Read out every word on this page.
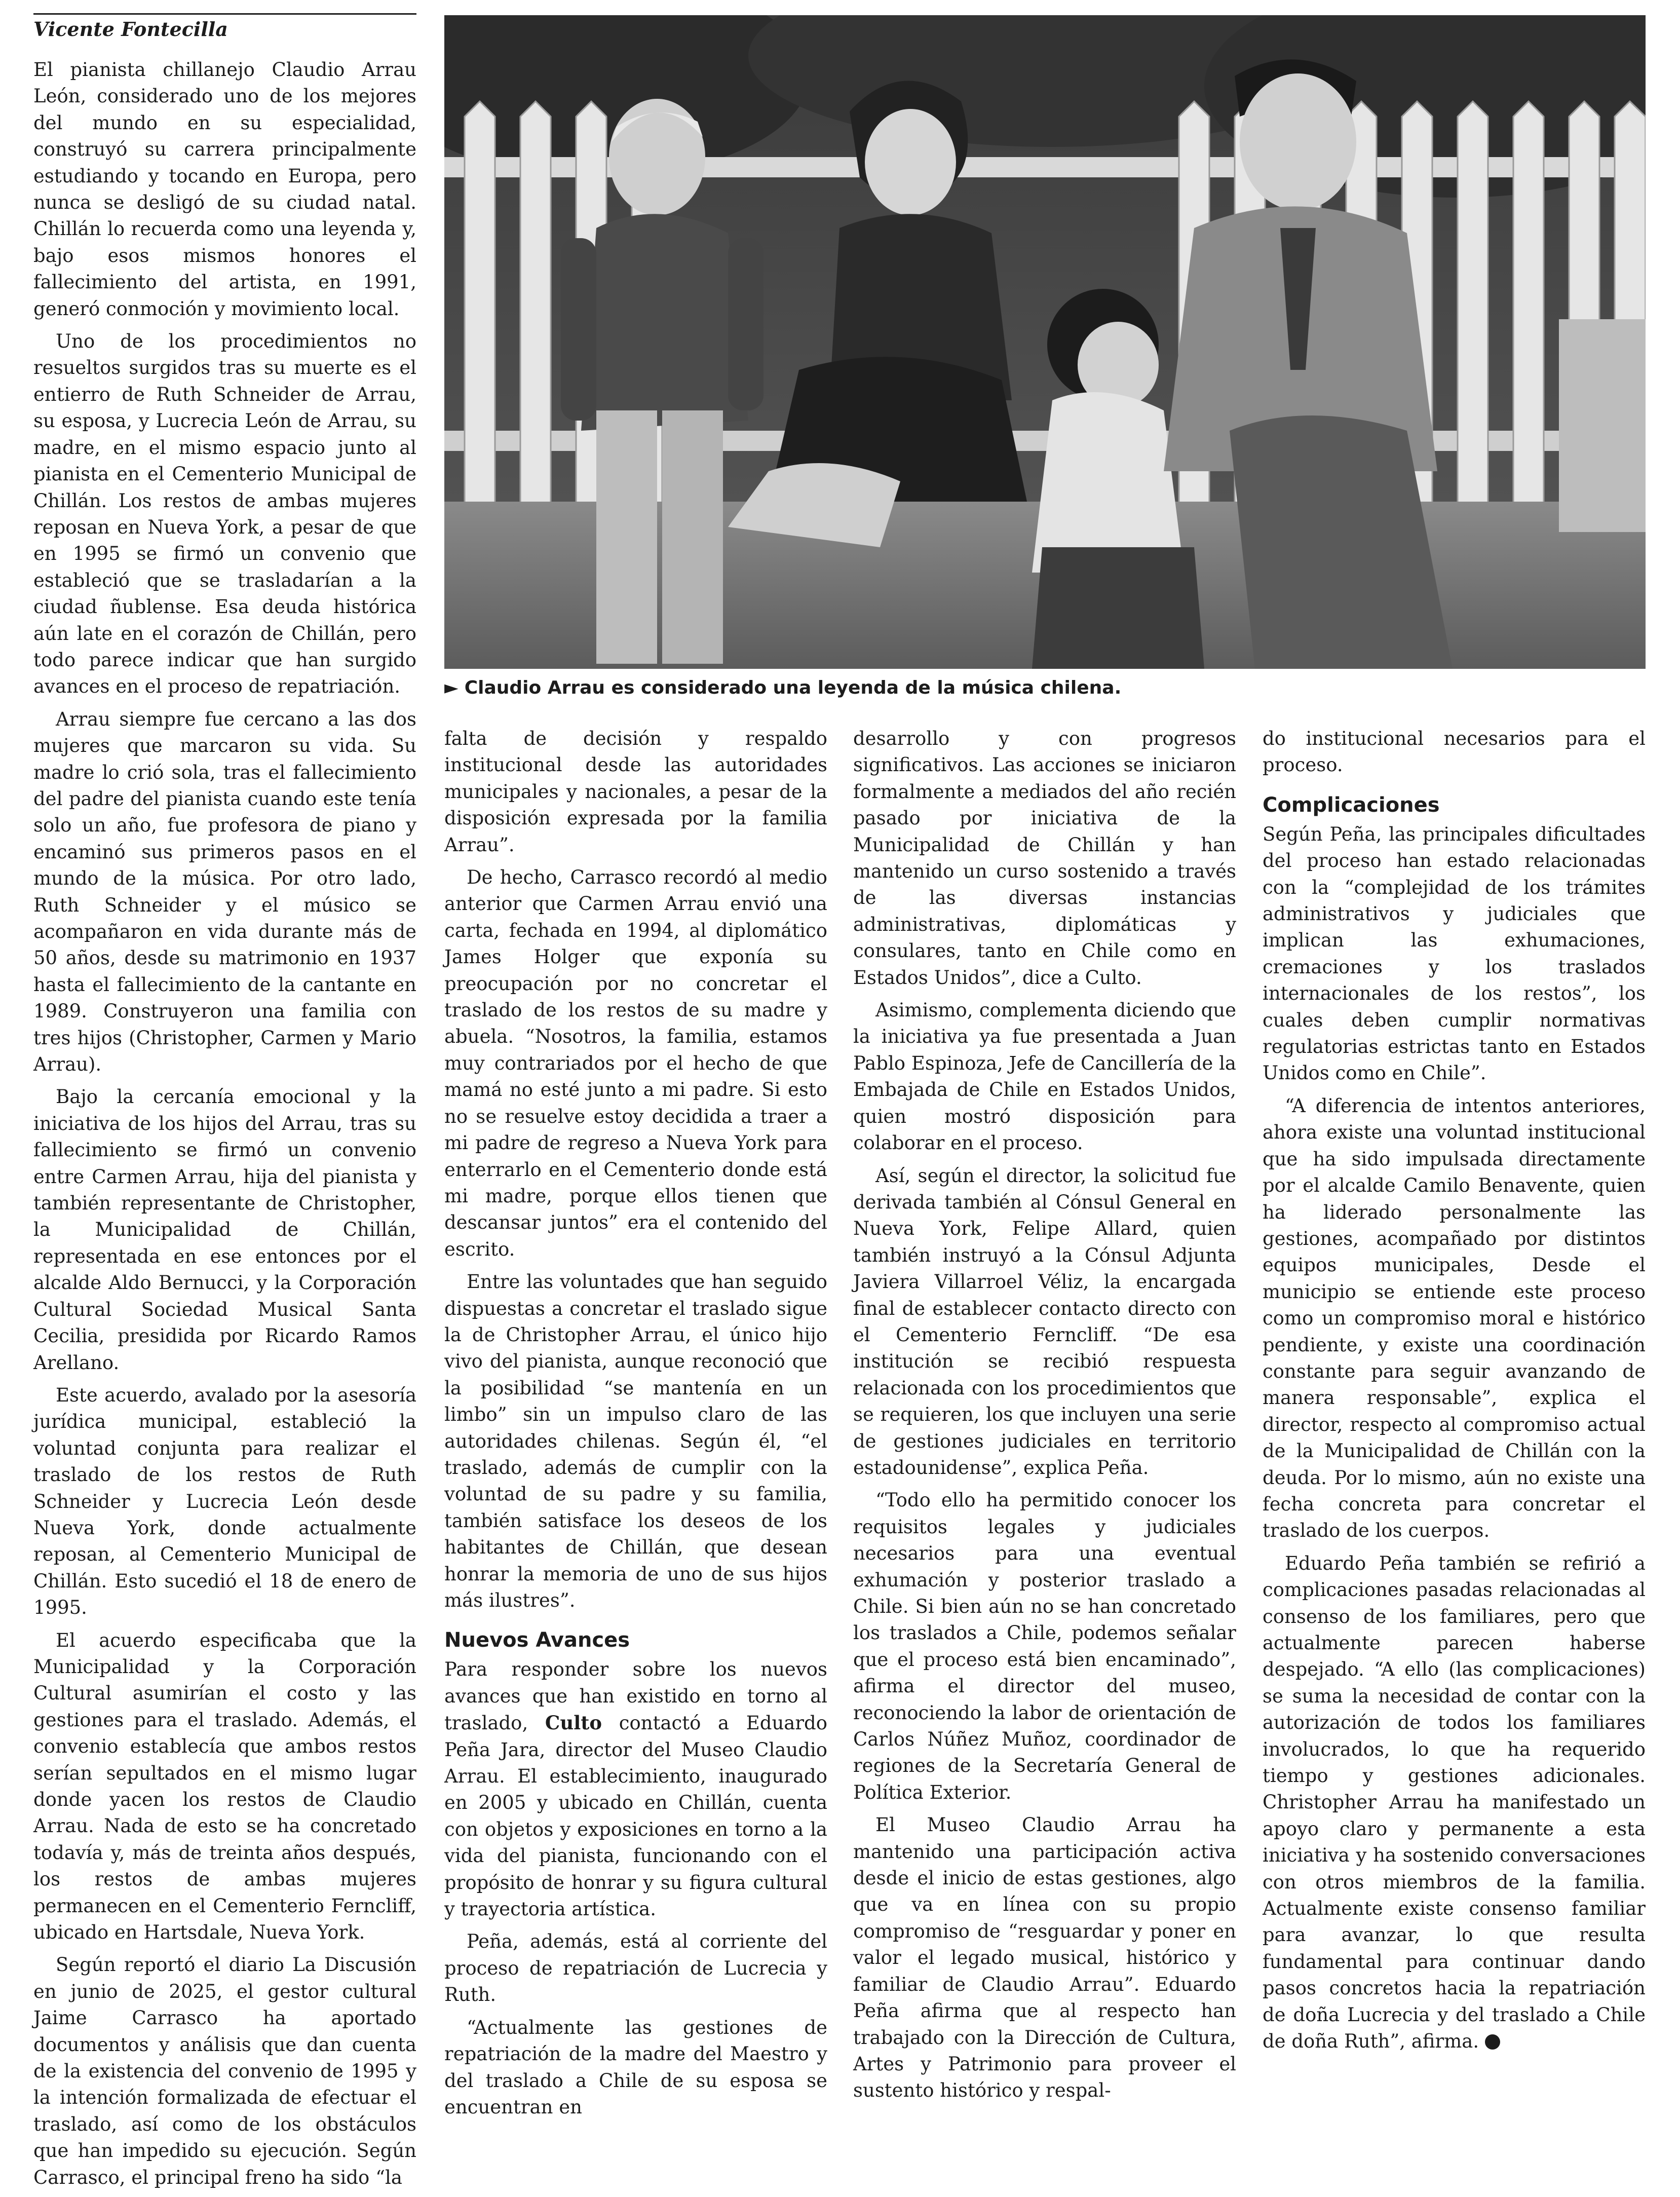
Vicente Fontecilla

El pianista chillanejo Claudio Arrau León, considerado uno de los mejores del mundo en su especialidad, construyó su carrera principalmente estudiando y tocando en Europa, pero nunca se desligó de su ciudad natal. Chillán lo recuerda como una leyenda y, bajo esos mismos honores el fallecimiento del artista, en 1991, generó conmoción y movimiento local.

Uno de los procedimientos no resueltos surgidos tras su muerte es el entierro de Ruth Schneider de Arrau, su esposa, y Lucrecia León de Arrau, su madre, en el mismo espacio junto al pianista en el Cementerio Municipal de Chillán. Los restos de ambas mujeres reposan en Nueva York, a pesar de que en 1995 se firmó un convenio que estableció que se trasladarían a la ciudad ñublense. Esa deuda histórica aún late en el corazón de Chillán, pero todo parece indicar que han surgido avances en el proceso de repatriación.

Arrau siempre fue cercano a las dos mujeres que marcaron su vida. Su madre lo crió sola, tras el fallecimiento del padre del pianista cuando este tenía solo un año, fue profesora de piano y encaminó sus primeros pasos en el mundo de la música. Por otro lado, Ruth Schneider y el músico se acompañaron en vida durante más de 50 años, desde su matrimonio en 1937 hasta el fallecimiento de la cantante en 1989. Construyeron una familia con tres hijos (Christopher, Carmen y Mario Arrau).

Bajo la cercanía emocional y la iniciativa de los hijos del Arrau, tras su fallecimiento se firmó un convenio entre Carmen Arrau, hija del pianista y también representante de Christopher, la Municipalidad de Chillán, representada en ese entonces por el alcalde Aldo Bernucci, y la Corporación Cultural Sociedad Musical Santa Cecilia, presidida por Ricardo Ramos Arellano.

Este acuerdo, avalado por la asesoría jurídica municipal, estableció la voluntad conjunta para realizar el traslado de los restos de Ruth Schneider y Lucrecia León desde Nueva York, donde actualmente reposan, al Cementerio Municipal de Chillán. Esto sucedió el 18 de enero de 1995.

El acuerdo especificaba que la Municipalidad y la Corporación Cultural asumirían el costo y las gestiones para el traslado. Además, el convenio establecía que ambos restos serían sepultados en el mismo lugar donde yacen los restos de Claudio Arrau. Nada de esto se ha concretado todavía y, más de treinta años después, los restos de ambas mujeres permanecen en el Cementerio Ferncliff, ubicado en Hartsdale, Nueva York.

Según reportó el diario La Discusión en junio de 2025, el gestor cultural Jaime Carrasco ha aportado documentos y análisis que dan cuenta de la existencia del convenio de 1995 y la intención formalizada de efectuar el traslado, así como de los obstáculos que han impedido su ejecución. Según Carrasco, el principal freno ha sido “la

► Claudio Arrau es considerado una leyenda de la música chilena.

falta de decisión y respaldo institucional desde las autoridades municipales y nacionales, a pesar de la disposición expresada por la familia Arrau”.

De hecho, Carrasco recordó al medio anterior que Carmen Arrau envió una carta, fechada en 1994, al diplomático James Holger que exponía su preocupación por no concretar el traslado de los restos de su madre y abuela. “Nosotros, la familia, estamos muy contrariados por el hecho de que mamá no esté junto a mi padre. Si esto no se resuelve estoy decidida a traer a mi padre de regreso a Nueva York para enterrarlo en el Cementerio donde está mi madre, porque ellos tienen que descansar juntos” era el contenido del escrito.

Entre las voluntades que han seguido dispuestas a concretar el traslado sigue la de Christopher Arrau, el único hijo vivo del pianista, aunque reconoció que la posibilidad “se mantenía en un limbo” sin un impulso claro de las autoridades chilenas. Según él, “el traslado, además de cumplir con la voluntad de su padre y su familia, también satisface los deseos de los habitantes de Chillán, que desean honrar la memoria de uno de sus hijos más ilustres”.

Nuevos Avances

Para responder sobre los nuevos avances que han existido en torno al traslado, Culto contactó a Eduardo Peña Jara, director del Museo Claudio Arrau. El establecimiento, inaugurado en 2005 y ubicado en Chillán, cuenta con objetos y exposiciones en torno a la vida del pianista, funcionando con el propósito de honrar y su figura cultural y trayectoria artística.

Peña, además, está al corriente del proceso de repatriación de Lucrecia y Ruth.

“Actualmente las gestiones de repatriación de la madre del Maestro y del traslado a Chile de su esposa se encuentran en

desarrollo y con progresos significativos. Las acciones se iniciaron formalmente a mediados del año recién pasado por iniciativa de la Municipalidad de Chillán y han mantenido un curso sostenido a través de las diversas instancias administrativas, diplomáticas y consulares, tanto en Chile como en Estados Unidos”, dice a Culto.

Asimismo, complementa diciendo que la iniciativa ya fue presentada a Juan Pablo Espinoza, Jefe de Cancillería de la Embajada de Chile en Estados Unidos, quien mostró disposición para colaborar en el proceso.

Así, según el director, la solicitud fue derivada también al Cónsul General en Nueva York, Felipe Allard, quien también instruyó a la Cónsul Adjunta Javiera Villarroel Véliz, la encargada final de establecer contacto directo con el Cementerio Ferncliff. “De esa institución se recibió respuesta relacionada con los procedimientos que se requieren, los que incluyen una serie de gestiones judiciales en territorio estadounidense”, explica Peña.

“Todo ello ha permitido conocer los requisitos legales y judiciales necesarios para una eventual exhumación y posterior traslado a Chile. Si bien aún no se han concretado los traslados a Chile, podemos señalar que el proceso está bien encaminado”, afirma el director del museo, reconociendo la labor de orientación de Carlos Núñez Muñoz, coordinador de regiones de la Secretaría General de Política Exterior.

El Museo Claudio Arrau ha mantenido una participación activa desde el inicio de estas gestiones, algo que va en línea con su propio compromiso de “resguardar y poner en valor el legado musical, histórico y familiar de Claudio Arrau”. Eduardo Peña afirma que al respecto han trabajado con la Dirección de Cultura, Artes y Patrimonio para proveer el sustento histórico y respal-

do institucional necesarios para el proceso.

Complicaciones

Según Peña, las principales dificultades del proceso han estado relacionadas con la “complejidad de los trámites administrativos y judiciales que implican las exhumaciones, cremaciones y los traslados internacionales de los restos”, los cuales deben cumplir normativas regulatorias estrictas tanto en Estados Unidos como en Chile”.

“A diferencia de intentos anteriores, ahora existe una voluntad institucional que ha sido impulsada directamente por el alcalde Camilo Benavente, quien ha liderado personalmente las gestiones, acompañado por distintos equipos municipales, Desde el municipio se entiende este proceso como un compromiso moral e histórico pendiente, y existe una coordinación constante para seguir avanzando de manera responsable”, explica el director, respecto al compromiso actual de la Municipalidad de Chillán con la deuda. Por lo mismo, aún no existe una fecha concreta para concretar el traslado de los cuerpos.

Eduardo Peña también se refirió a complicaciones pasadas relacionadas al consenso de los familiares, pero que actualmente parecen haberse despejado. “A ello (las complicaciones) se suma la necesidad de contar con la autorización de todos los familiares involucrados, lo que ha requerido tiempo y gestiones adicionales. Christopher Arrau ha manifestado un apoyo claro y permanente a esta iniciativa y ha sostenido conversaciones con otros miembros de la familia. Actualmente existe consenso familiar para avanzar, lo que resulta fundamental para continuar dando pasos concretos hacia la repatriación de doña Lucrecia y del traslado a Chile de doña Ruth”, afirma.
